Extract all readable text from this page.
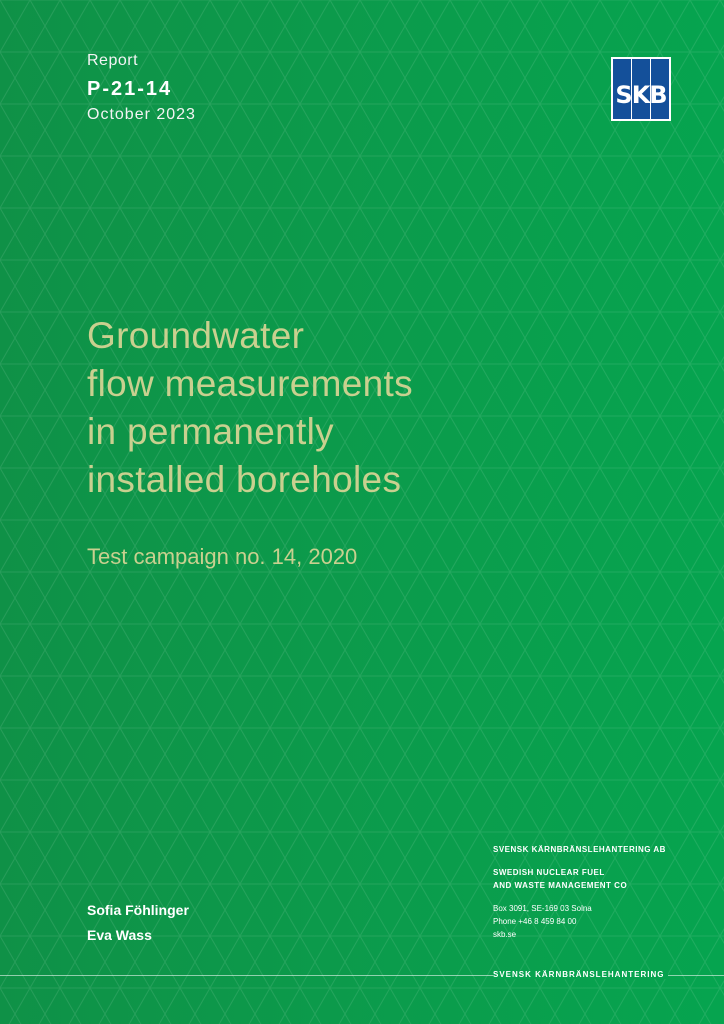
Report
P-21-14
October 2023
SKB
Groundwater
flow measurements
in permanently
installed boreholes
Test campaign no. 14, 2020
Sofia Föhlinger
Eva Wass
SVENSK KÄRNBRÄNSLEHANTERING AB
SWEDISH NUCLEAR FUEL
AND WASTE MANAGEMENT CO
Box 3091, SE-169 03 Solna
Phone +46 8 459 84 00
skb.se
SVENSK KÄRNBRÄNSLEHANTERING
